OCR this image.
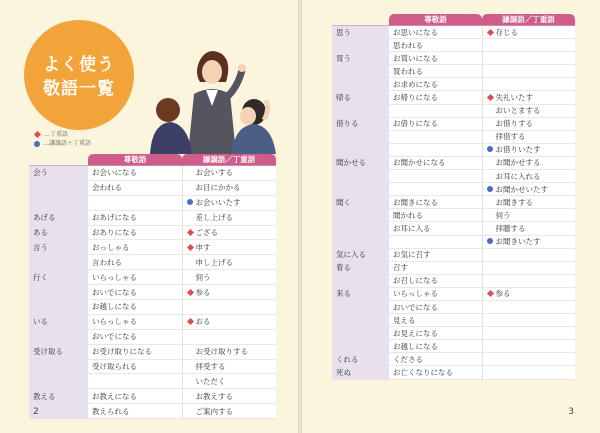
よく使う
敬語一覧
…丁重語
…謙譲語＋丁重語
	尊敬語	謙譲語／丁重語
会う	お会いになる	お会いする
	会われる	お目にかかる
		お会いいたす
あげる	おあげになる	差し上げる
ある	おありになる	ござる
言う	おっしゃる	申す
	言われる	申し上げる
行く	いらっしゃる	伺う
	おいでになる	参る
	お越しになる	
いる	いらっしゃる	おる
	おいでになる	
受け取る	お受け取りになる	お受け取りする
	受け取られる	拝受する
		いただく
教える	お教えになる	お教えする
	教えられる	ご案内する
2
	尊敬語	謙譲語／丁重語
思う	お思いになる	存じる
	思われる	
買う	お買いになる	
	買われる	
	お求めになる	
帰る	お帰りになる	失礼いたす
		おいとまする
借りる	お借りになる	お借りする
		拝借する
		お借りいたす
聞かせる	お聞かせになる	お聞かせする
		お耳に入れる
		お聞かせいたす
聞く	お聞きになる	お聞きする
	聞かれる	伺う
	お耳に入る	拝聴する
		お聞きいたす
気に入る	お気に召す	
着る	召す	
	お召しになる	
来る	いらっしゃる	参る
	おいでになる	
	見える	
	お見えになる	
	お越しになる	
くれる	くださる	
死ぬ	お亡くなりになる	
3
